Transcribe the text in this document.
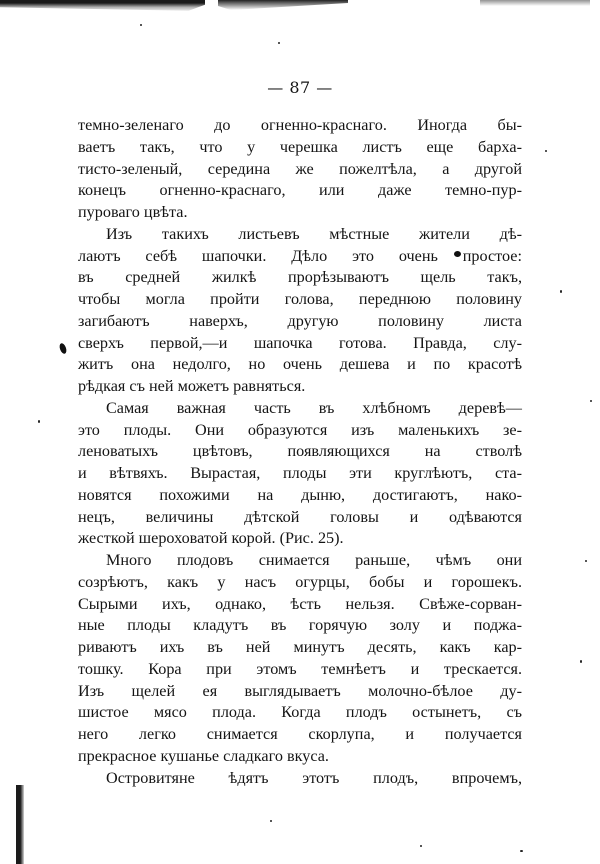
— 87 —

темно-зеленаго до огненно-краснаго. Иногда бы-
ваетъ такъ, что у черешка листъ еще барха-
тисто-зеленый, середина же пожелтѣла, а другой
конецъ огненно-краснаго, или даже темно-пур-
пуроваго цвѣта.

Изъ такихъ листьевъ мѣстные жители дѣ-
лаютъ себѣ шапочки. Дѣло это очень простое:
въ средней жилкѣ прорѣзываютъ щель такъ,
чтобы могла пройти голова, переднюю половину
загибаютъ наверхъ, другую половину листа
сверхъ первой,—и шапочка готова. Правда, слу-
житъ она недолго, но очень дешева и по красотѣ
рѣдкая съ ней можетъ равняться.

Самая важная часть въ хлѣбномъ деревѣ—
это плоды. Они образуются изъ маленькихъ зе-
леноватыхъ цвѣтовъ, появляющихся на стволѣ
и вѣтвяхъ. Вырастая, плоды эти круглѣютъ, ста-
новятся похожими на дыню, достигаютъ, нако-
нецъ, величины дѣтской головы и одѣваются
жесткой шероховатой корой. (Рис. 25).

Много плодовъ снимается раньше, чѣмъ они
созрѣютъ, какъ у насъ огурцы, бобы и горошекъ.
Сырыми ихъ, однако, ѣсть нельзя. Свѣже-сорван-
ные плоды кладутъ въ горячую золу и поджа-
риваютъ ихъ въ ней минутъ десять, какъ кар-
тошку. Кора при этомъ темнѣетъ и трескается.
Изъ щелей ея выглядываетъ молочно-бѣлое ду-
шистое мясо плода. Когда плодъ остынетъ, съ
него легко снимается скорлупа, и получается
прекрасное кушанье сладкаго вкуса.

Островитяне ѣдятъ этотъ плодъ, впрочемъ,
